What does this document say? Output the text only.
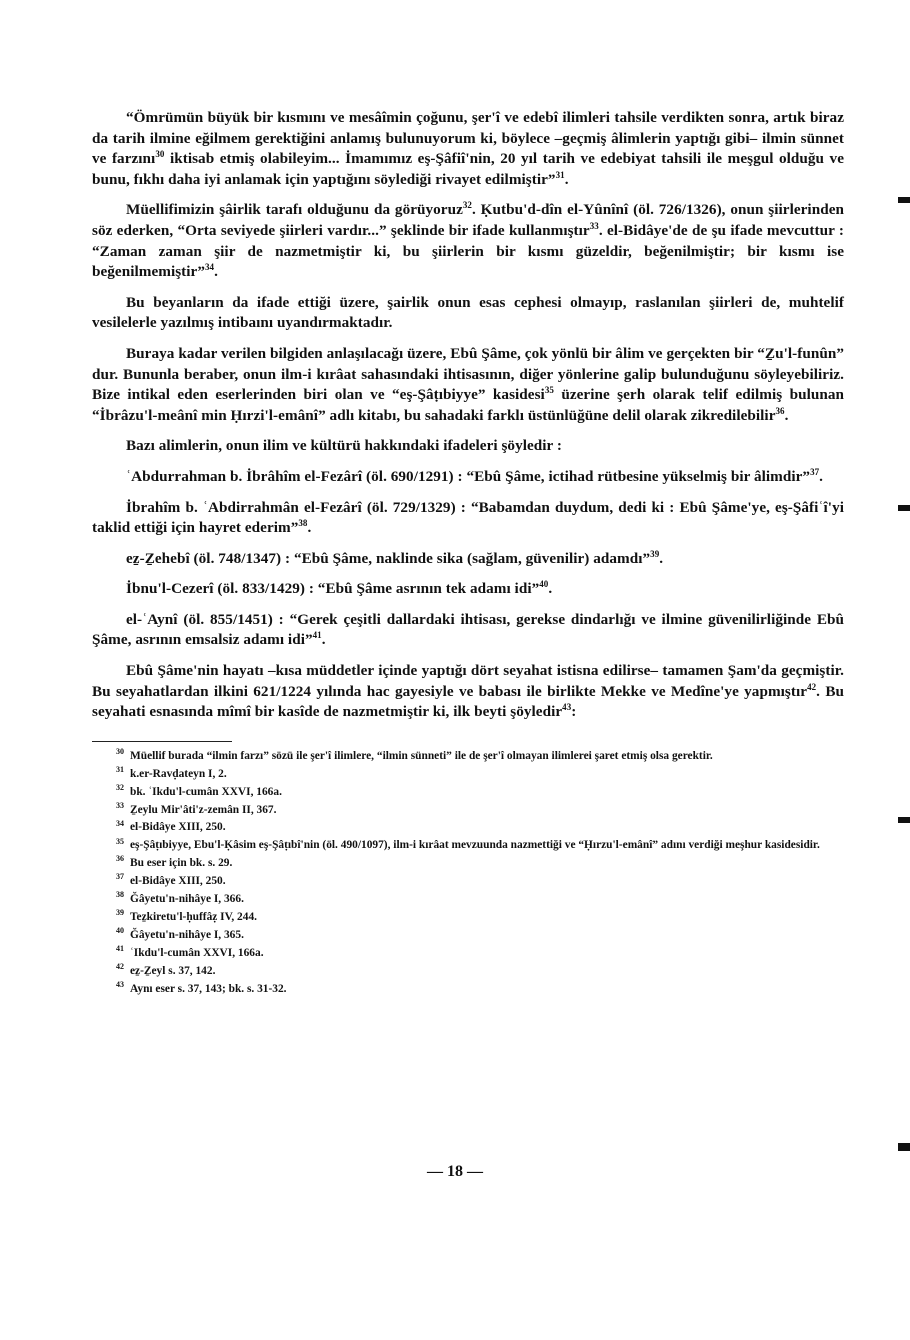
“Ömrümün büyük bir kısmını ve mesâîmin çoğunu, şer'î ve edebî ilimleri tahsile verdikten sonra, artık biraz da tarih ilmine eğilmem gerektiğini anlamış bulunuyorum ki, böylece –geçmiş âlimlerin yaptığı gibi– ilmin sünnet ve farzını$^{30}$ iktisab etmiş olabileyim... İmamımız eş-Şâfiî'nin, 20 yıl tarih ve edebiyat tahsili ile meşgul olduğu ve bunu, fıkhı daha iyi anlamak için yaptığını söylediği rivayet edilmiştir”$^{31}$.

Müellifimizin şâirlik tarafı olduğunu da görüyoruz$^{32}$. Ḳutbu'd-dîn el-Yûnînî (öl. 726/1326), onun şiirlerinden söz ederken, “Orta seviyede şiirleri vardır...” şeklinde bir ifade kullanmıştır$^{33}$. el-Bidâye'de de şu ifade mevcuttur : “Zaman zaman şiir de nazmetmiştir ki, bu şiirlerin bir kısmı güzeldir, beğenilmiştir; bir kısmı ise beğenilmemiştir”$^{34}$.

Bu beyanların da ifade ettiği üzere, şairlik onun esas cephesi olmayıp, raslanılan şiirleri de, muhtelif vesilelerle yazılmış intibaını uyandırmaktadır.

Buraya kadar verilen bilgiden anlaşılacağı üzere, Ebû Şâme, çok yönlü bir âlim ve gerçekten bir “Ẕu'l-funûn” dur. Bununla beraber, onun ilm-i kırâat sahasındaki ihtisasının, diğer yönlerine galip bulunduğunu söyleyebiliriz. Bize intikal eden eserlerinden biri olan ve “eş-Şâṭıbiyye” kasidesi$^{35}$ üzerine şerh olarak telif edilmiş bulunan “İbrâzu'l-meânî min Ḥırzi'l-emânî” adlı kitabı, bu sahadaki farklı üstünlüğüne delil olarak zikredilebilir$^{36}$.

Bazı alimlerin, onun ilim ve kültürü hakkındaki ifadeleri şöyledir :

ʿAbdurrahman b. İbrâhîm el-Fezârî (öl. 690/1291) : “Ebû Şâme, ictihad rütbesine yükselmiş bir âlimdir”$^{37}$.

İbrahîm b. ʿAbdirrahmân el-Fezârî (öl. 729/1329) : “Babamdan duydum, dedi ki : Ebû Şâme'ye, eş-Şâfiʿî'yi taklid ettiği için hayret ederim”$^{38}$.

eẕ-Ẕehebî (öl. 748/1347) : “Ebû Şâme, naklinde sika (sağlam, güvenilir) adamdı”$^{39}$.

İbnu'l-Cezerî (öl. 833/1429) : “Ebû Şâme asrının tek adamı idi”$^{40}$.

el-ʿAynî (öl. 855/1451) : “Gerek çeşitli dallardaki ihtisası, gerekse dindarlığı ve ilmine güvenilirliğinde Ebû Şâme, asrının emsalsiz adamı idi”$^{41}$.

Ebû Şâme'nin hayatı –kısa müddetler içinde yaptığı dört seyahat istisna edilirse– tamamen Şam'da geçmiştir. Bu seyahatlardan ilkini 621/1224 yılında hac gayesiyle ve babası ile birlikte Mekke ve Medîne'ye yapmıştır$^{42}$. Bu seyahati esnasında mîmî bir kasîde de nazmetmiştir ki, ilk beyti şöyledir$^{43}$:

$^{30}$ Müellif burada “ilmin farzı” sözü ile şer'î ilimlere, “ilmin sünneti” ile de şer'î olmayan ilimlerei şaret etmiş olsa gerektir.

$^{31}$ k.er-Ravḍateyn I, 2.

$^{32}$ bk. ʿIkdu'l-cumân XXVI, 166a.

$^{33}$ Ẕeylu Mir'âti'z-zemân II, 367.

$^{34}$ el-Bidâye XIII, 250.

$^{35}$ eş-Şâṭıbiyye, Ebu'l-Ḳâsim eş-Şâṭıbî'nin (öl. 490/1097), ilm-i kırâat mevzuunda nazmettiği ve “Ḥırzu'l-emânî” adını verdiği meşhur kasidesidir.

$^{36}$ Bu eser için bk. s. 29.

$^{37}$ el-Bidâye XIII, 250.

$^{38}$ Ğâyetu'n-nihâye I, 366.

$^{39}$ Teẕkiretu'l-ḥuffâẓ IV, 244.

$^{40}$ Ğâyetu'n-nihâye I, 365.

$^{41}$ ʿIkdu'l-cumân XXVI, 166a.

$^{42}$ eẕ-Ẕeyl s. 37, 142.

$^{43}$ Aynı eser s. 37, 143; bk. s. 31-32.

— 18 —
